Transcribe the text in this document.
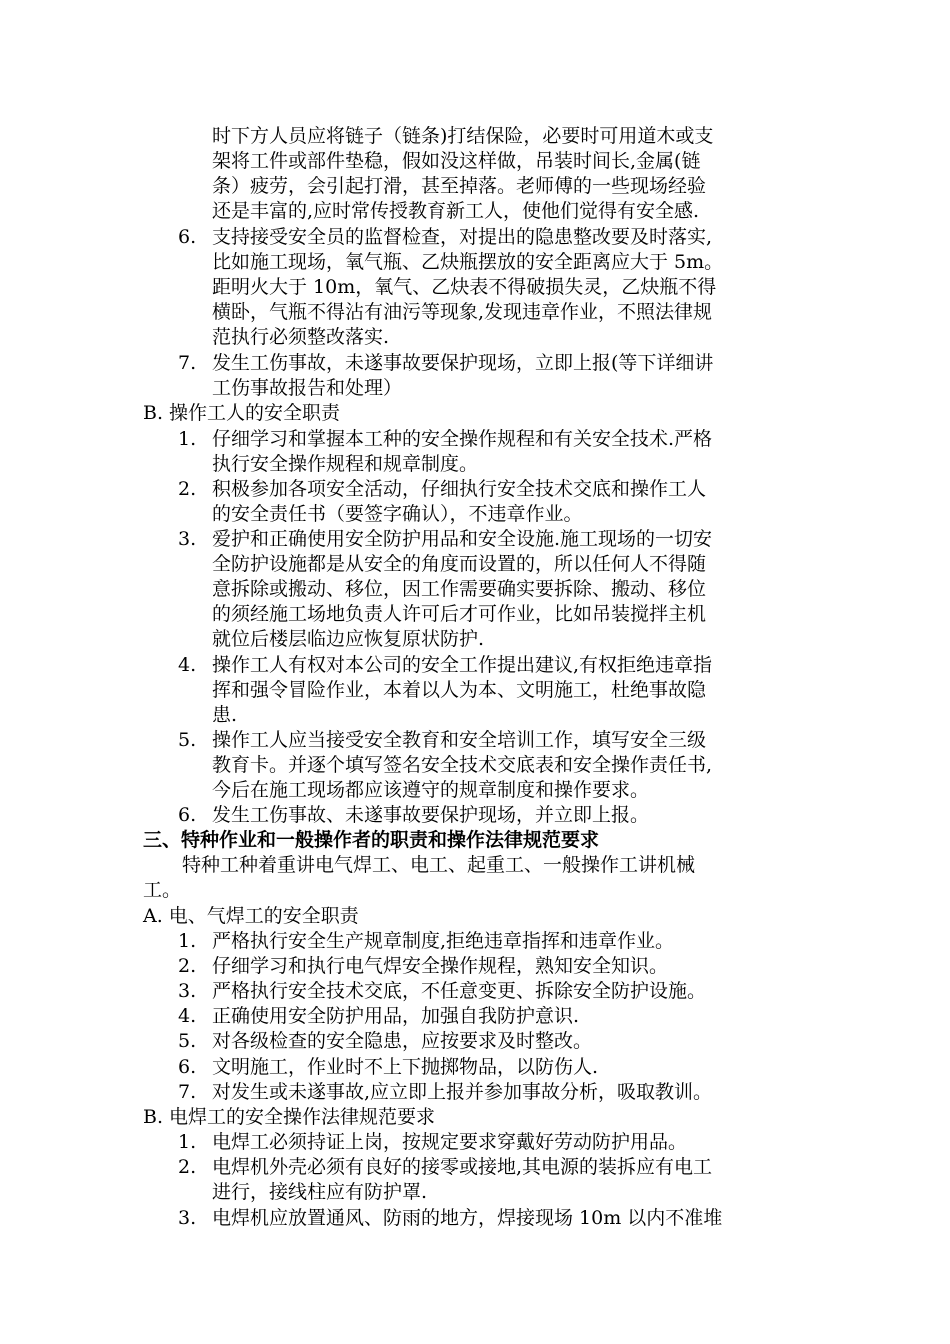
时下方人员应将链子（链条)打结保险，必要时可用道木或支
架将工件或部件垫稳，假如没这样做，吊装时间长,金属(链
条）疲劳，会引起打滑，甚至掉落。老师傅的一些现场经验
还是丰富的,应时常传授教育新工人，使他们觉得有安全感.
6. 支持接受安全员的监督检查，对提出的隐患整改要及时落实,
比如施工现场，氧气瓶、乙炔瓶摆放的安全距离应大于 5m。
距明火大于 10m，氧气、乙炔表不得破损失灵，乙炔瓶不得
横卧，气瓶不得沾有油污等现象,发现违章作业，不照法律规
范执行必须整改落实.
7. 发生工伤事故，未遂事故要保护现场，立即上报(等下详细讲
工伤事故报告和处理）
B. 操作工人的安全职责
1. 仔细学习和掌握本工种的安全操作规程和有关安全技术.严格
执行安全操作规程和规章制度。
2. 积极参加各项安全活动，仔细执行安全技术交底和操作工人
的安全责任书（要签字确认），不违章作业。
3. 爱护和正确使用安全防护用品和安全设施.施工现场的一切安
全防护设施都是从安全的角度而设置的，所以任何人不得随
意拆除或搬动、移位，因工作需要确实要拆除、搬动、移位
的须经施工场地负责人许可后才可作业，比如吊装搅拌主机
就位后楼层临边应恢复原状防护.
4. 操作工人有权对本公司的安全工作提出建议,有权拒绝违章指
挥和强令冒险作业，本着以人为本、文明施工，杜绝事故隐
患.
5. 操作工人应当接受安全教育和安全培训工作，填写安全三级
教育卡。并逐个填写签名安全技术交底表和安全操作责任书,
今后在施工现场都应该遵守的规章制度和操作要求。
6. 发生工伤事故、未遂事故要保护现场，并立即上报。
三、特种作业和一般操作者的职责和操作法律规范要求
特种工种着重讲电气焊工、电工、起重工、一般操作工讲机械
工。
A. 电、气焊工的安全职责
1. 严格执行安全生产规章制度,拒绝违章指挥和违章作业。
2. 仔细学习和执行电气焊安全操作规程，熟知安全知识。
3. 严格执行安全技术交底，不任意变更、拆除安全防护设施。
4. 正确使用安全防护用品，加强自我防护意识.
5. 对各级检查的安全隐患，应按要求及时整改。
6. 文明施工，作业时不上下抛掷物品，以防伤人.
7. 对发生或未遂事故,应立即上报并参加事故分析，吸取教训。
B. 电焊工的安全操作法律规范要求
1. 电焊工必须持证上岗，按规定要求穿戴好劳动防护用品。
2. 电焊机外壳必须有良好的接零或接地,其电源的装拆应有电工
进行，接线柱应有防护罩.
3. 电焊机应放置通风、防雨的地方，焊接现场 10m 以内不准堆
